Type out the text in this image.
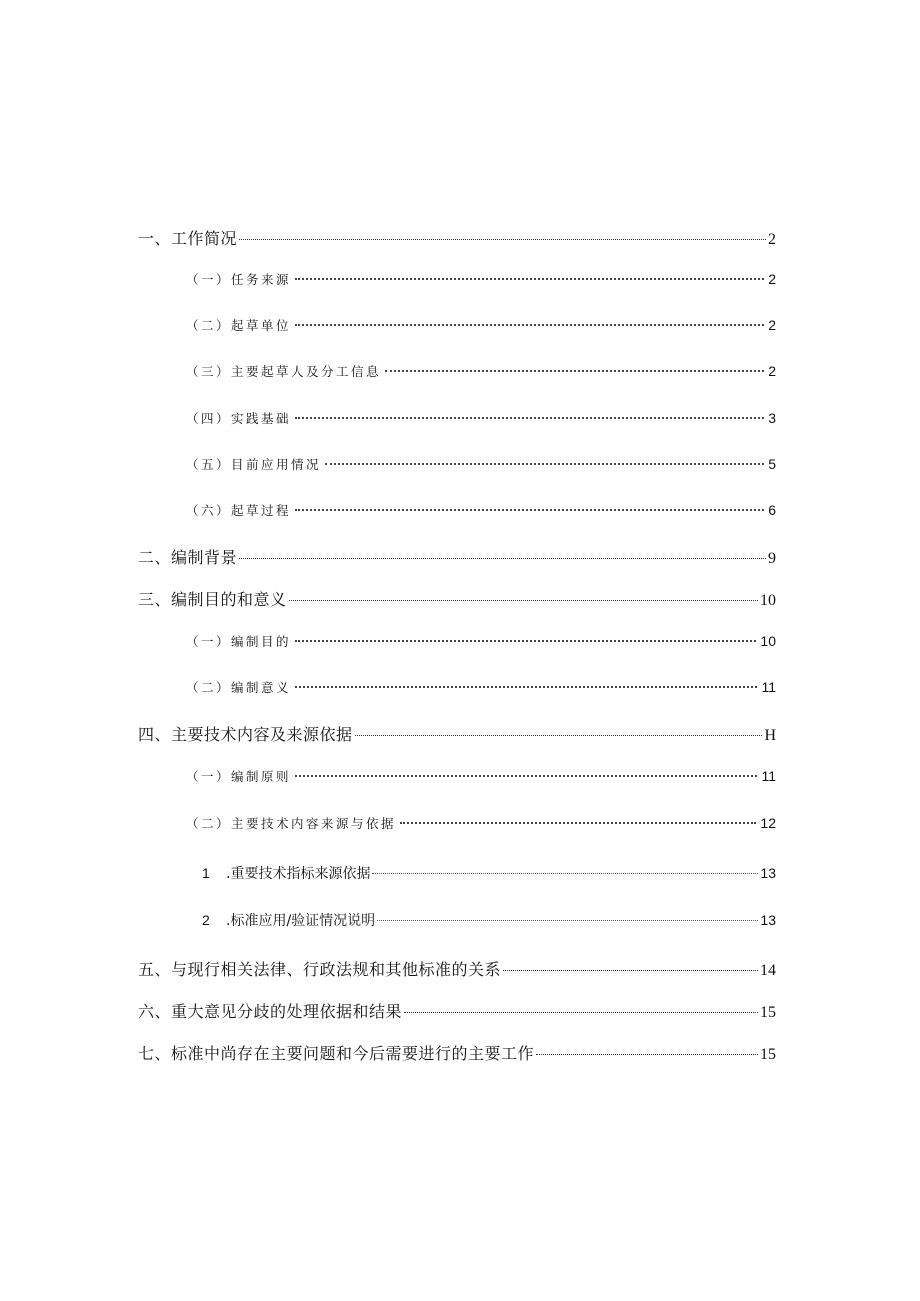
一、工作简况	2
（一）任务来源	2
（二）起草单位	2
（三）主要起草人及分工信息	2
（四）实践基础	3
（五）目前应用情况	5
（六）起草过程	6
二、编制背景	9
三、编制目的和意义	10
（一）编制目的	10
（二）编制意义	11
四、主要技术内容及来源依据	H
（一）编制原则	11
（二）主要技术内容来源与依据	12
1	.重要技术指标来源依据	13
2	.标准应用/验证情况说明	13
五、与现行相关法律、行政法规和其他标准的关系	14
六、重大意见分歧的处理依据和结果	15
七、标准中尚存在主要问题和今后需要进行的主要工作	15
